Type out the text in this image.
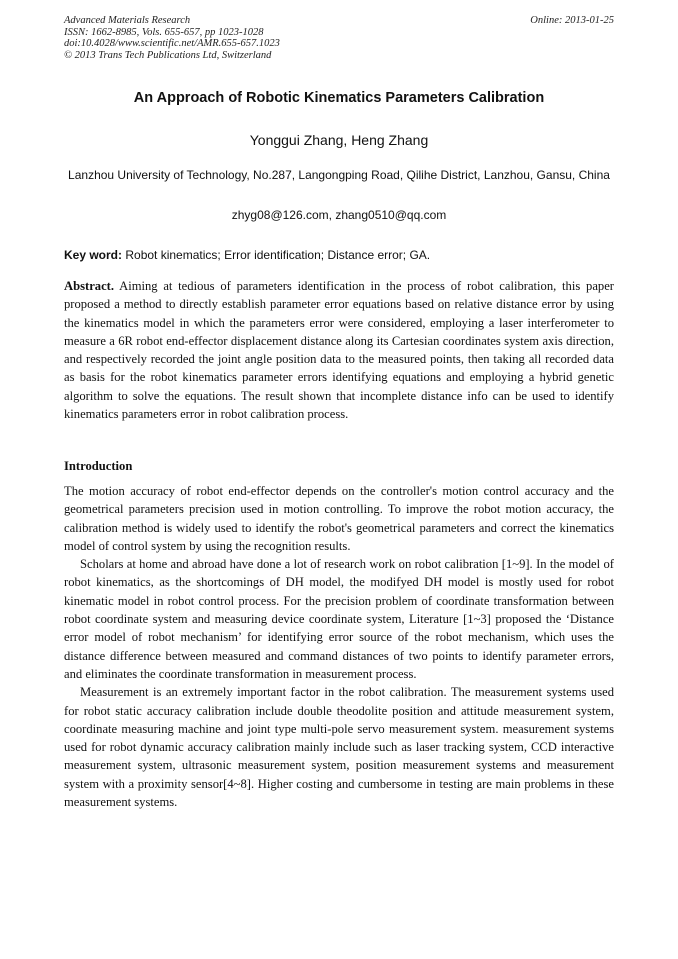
Advanced Materials Research
ISSN: 1662-8985, Vols. 655-657, pp 1023-1028
doi:10.4028/www.scientific.net/AMR.655-657.1023
© 2013 Trans Tech Publications Ltd, Switzerland
Online: 2013-01-25
An Approach of Robotic Kinematics Parameters Calibration
Yonggui Zhang, Heng Zhang
Lanzhou University of Technology, No.287, Langongping Road, Qilihe District, Lanzhou, Gansu, China
zhyg08@126.com, zhang0510@qq.com
Key word: Robot kinematics; Error identification; Distance error; GA.

Abstract. Aiming at tedious of parameters identification in the process of robot calibration, this paper proposed a method to directly establish parameter error equations based on relative distance error by using the kinematics model in which the parameters error were considered, employing a laser interferometer to measure a 6R robot end-effector displacement distance along its Cartesian coordinates system axis direction, and respectively recorded the joint angle position data to the measured points, then taking all recorded data as basis for the robot kinematics parameter errors identifying equations and employing a hybrid genetic algorithm to solve the equations. The result shown that incomplete distance info can be used to identify kinematics parameters error in robot calibration process.

Introduction

The motion accuracy of robot end-effector depends on the controller's motion control accuracy and the geometrical parameters precision used in motion controlling. To improve the robot motion accuracy, the calibration method is widely used to identify the robot's geometrical parameters and correct the kinematics model of control system by using the recognition results.

Scholars at home and abroad have done a lot of research work on robot calibration [1~9]. In the model of robot kinematics, as the shortcomings of DH model, the modifyed DH model is mostly used for robot kinematic model in robot control process. For the precision problem of coordinate transformation between robot coordinate system and measuring device coordinate system, Literature [1~3] proposed the ‘Distance error model of robot mechanism’ for identifying error source of the robot mechanism, which uses the distance difference between measured and command distances of two points to identify parameter errors, and eliminates the coordinate transformation in measurement process.

Measurement is an extremely important factor in the robot calibration. The measurement systems used for robot static accuracy calibration include double theodolite position and attitude measurement system, coordinate measuring machine and joint type multi-pole servo measurement system. measurement systems used for robot dynamic accuracy calibration mainly include such as laser tracking system, CCD interactive measurement system, ultrasonic measurement system, position measurement systems and measurement system with a proximity sensor[4~8]. Higher costing and cumbersome in testing are main problems in these measurement systems.
